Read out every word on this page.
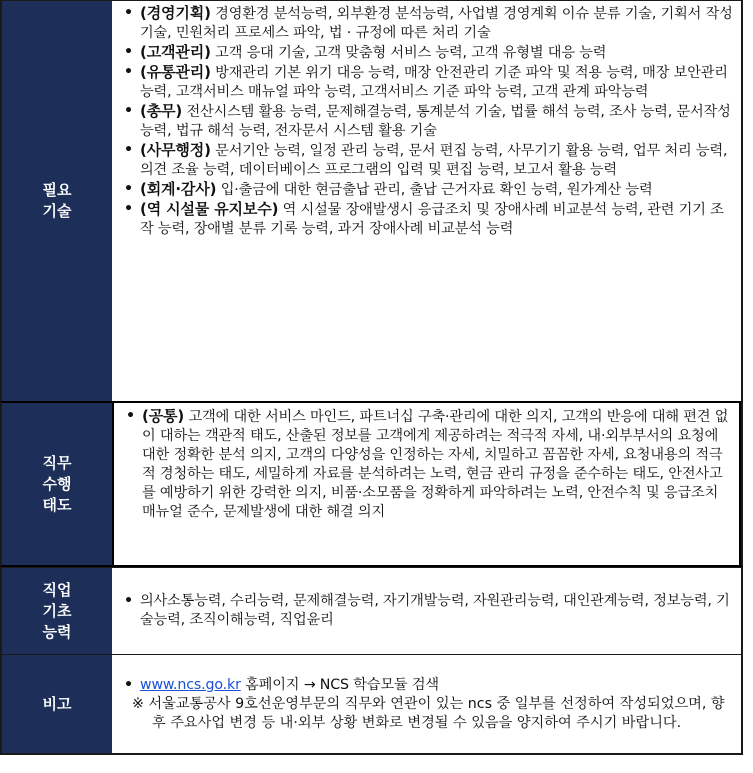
필요
기술
• (경영기획) 경영환경 분석능력, 외부환경 분석능력, 사업별 경영계획 이슈 분류 기술, 기획서 작성 기술, 민원처리 프로세스 파악, 법 · 규정에 따른 처리 기술
• (고객관리) 고객 응대 기술, 고객 맞춤형 서비스 능력, 고객 유형별 대응 능력
• (유통관리) 방재관리 기본 위기 대응 능력, 매장 안전관리 기준 파악 및 적용 능력, 매장 보안관리 능력, 고객서비스 매뉴얼 파악 능력, 고객서비스 기준 파악 능력, 고객 관계 파악능력
• (총무) 전산시스템 활용 능력, 문제해결능력, 통계분석 기술, 법률 해석 능력, 조사 능력, 문서작성 능력, 법규 해석 능력, 전자문서 시스템 활용 기술
• (사무행정) 문서기안 능력, 일정 관리 능력, 문서 편집 능력, 사무기기 활용 능력, 업무 처리 능력, 의견 조율 능력, 데이터베이스 프로그램의 입력 및 편집 능력, 보고서 활용 능력
• (회계·감사) 입·출금에 대한 현금출납 관리, 출납 근거자료 확인 능력, 원가계산 능력
• (역 시설물 유지보수) 역 시설물 장애발생시 응급조치 및 장애사례 비교분석 능력, 관련 기기 조작 능력, 장애별 분류 기록 능력, 과거 장애사례 비교분석 능력
직무
수행
태도
• (공통) 고객에 대한 서비스 마인드, 파트너십 구축·관리에 대한 의지, 고객의 반응에 대해 편견 없이 대하는 객관적 태도, 산출된 정보를 고객에게 제공하려는 적극적 자세, 내·외부부서의 요청에 대한 정확한 분석 의지, 고객의 다양성을 인정하는 자세, 치밀하고 꼼꼼한 자세, 요청내용의 적극적 경청하는 태도, 세밀하게 자료를 분석하려는 노력, 현금 관리 규정을 준수하는 태도, 안전사고를 예방하기 위한 강력한 의지, 비품·소모품을 정확하게 파악하려는 노력, 안전수칙 및 응급조치 매뉴얼 준수, 문제발생에 대한 해결 의지
직업
기초
능력
• 의사소통능력, 수리능력, 문제해결능력, 자기개발능력, 자원관리능력, 대인관계능력, 정보능력, 기술능력, 조직이해능력, 직업윤리
비고
• www.ncs.go.kr 홈페이지 → NCS 학습모듈 검색
※ 서울교통공사 9호선운영부문의 직무와 연관이 있는 ncs 중 일부를 선정하여 작성되었으며, 향후 주요사업 변경 등 내·외부 상황 변화로 변경될 수 있음을 양지하여 주시기 바랍니다.
